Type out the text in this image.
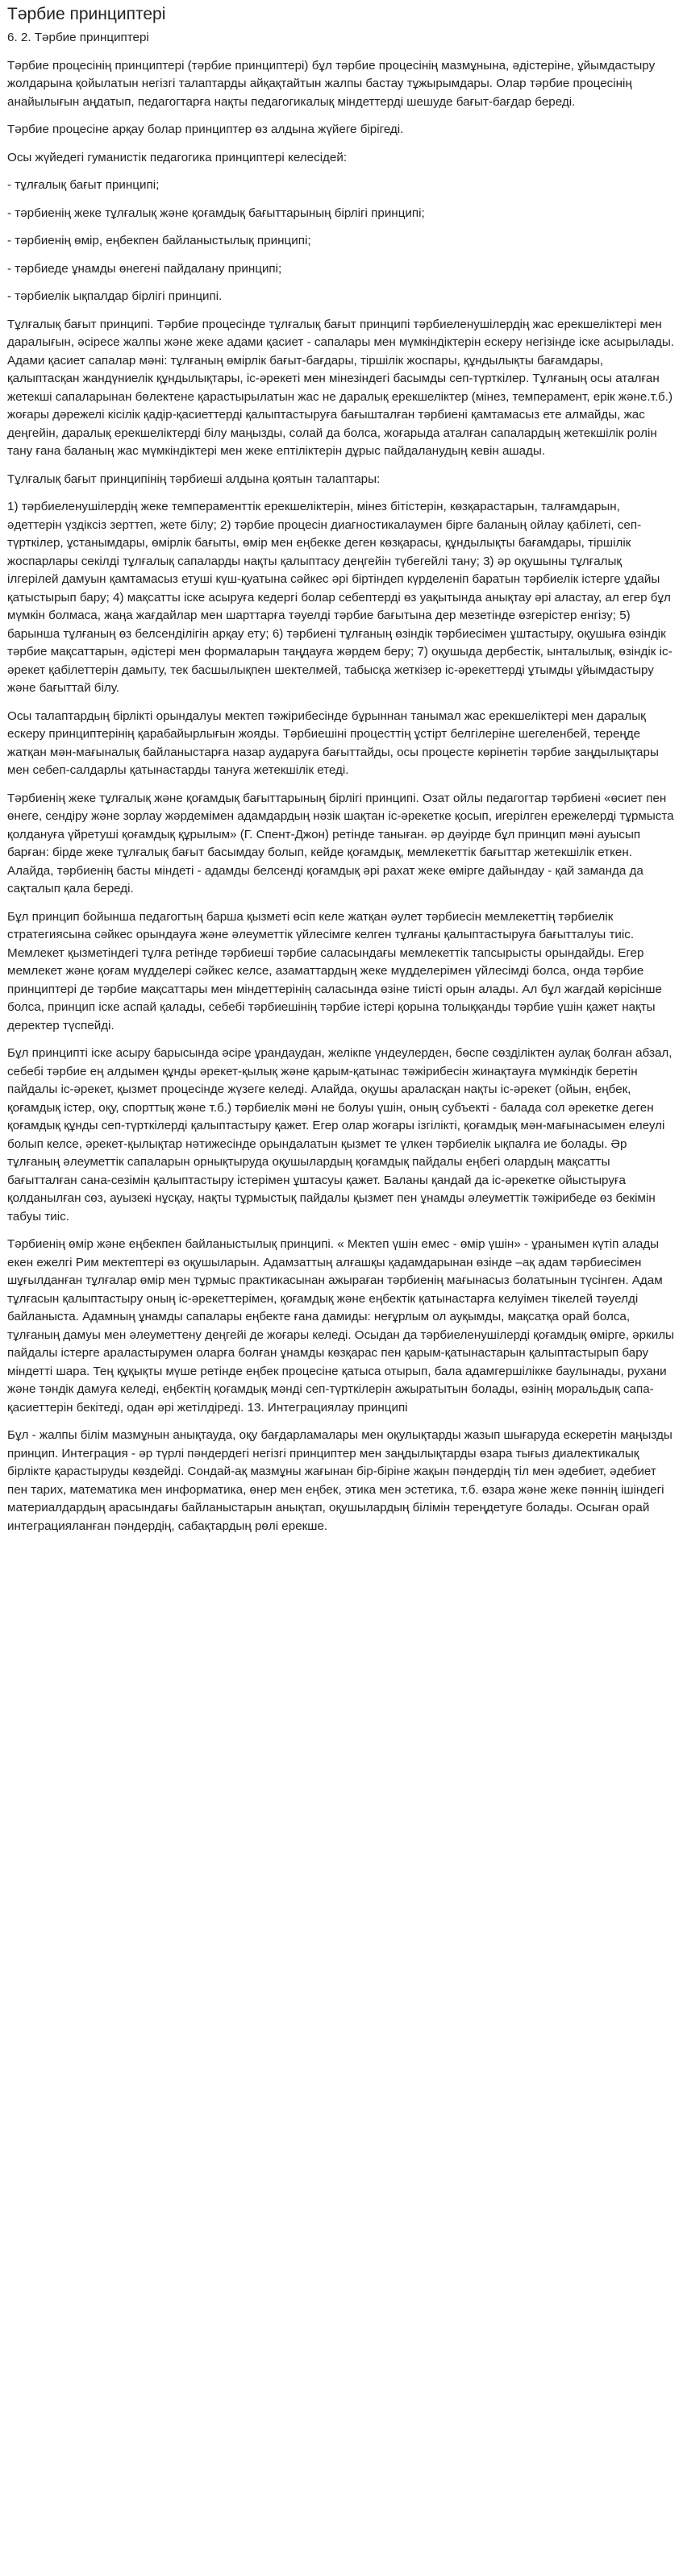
Тәрбие принциптері
6. 2. Тәрбие принциптері

Тәрбие процесінің принциптері (тәрбие принциптері) бұл тәрбие процесінің мазмұнына, әдістеріне, ұйымдастыру жолдарына қойылатын негізгі талаптарды айқақтайтын жалпы бастау тұжырымдары. Олар тәрбие процесінің анайылығын аңдатып, педагогтарға нақты педагогикалық міндеттерді шешуде бағыт-бағдар береді.

Тәрбие процесіне арқау болар принциптер өз алдына жүйеге бірігеді.

Осы жүйедегі гуманистік педагогика принциптері келесідей:

- тұлғалық бағыт принципі;

- тәрбиенің жеке тұлғалық және қоғамдық бағыттарының бірлігі принципі;

- тәрбиенің өмір, еңбекпен байланыстылық принципі;

- тәрбиеде ұнамды өнегені пайдалану принципі;

- тәрбиелік ықпалдар бірлігі принципі.

Тұлғалық бағыт принципі. Тәрбие процесінде тұлғалық бағыт принципі тәрбиеленушілердің жас ерекшеліктері мен даралығын, әсіресе жалпы және жеке адами қасиет - сапалары мен мүмкіндіктерін ескеру негізінде іске асырылады. Адами қасиет сапалар мәні: тұлғаның өмірлік бағыт-бағдары, тіршілік жоспары, құндылықты бағамдары, қалыптасқан жандүниелік құндылықтары, іс-әрекеті мен мінезіндегі басымды сеп-түрткілер. Тұлғаның осы аталған жетекші сапаларынан бөлектене қарастырылатын жас не даралық ерекшеліктер (мінез, темперамент, ерік және.т.б.) жоғары дәрежелі кісілік қадір-қасиеттерді қалыптастыруға бағышталған тәрбиені қамтамасыз ете алмайды, жас деңгейін, даралық ерекшеліктерді білу маңызды, солай да болса, жоғарыда аталған сапалардың жетекшілік ролін тану ғана баланың жас мүмкіндіктері мен жеке ептіліктерін дұрыс пайдаланудың кевін ашады.

Тұлғалық бағыт принципінің тәрбиеші алдына қоятын талаптары:

1) тәрбиеленушілердің жеке темпераменттік ерекшеліктерін, мінез бітістерін, көзқарастарын, талғамдарын, әдеттерін үздіксіз зерттеп, жете білу; 2) тәрбие процесін диагностикалаумен бірге баланың ойлау қабілеті, сеп-түрткілер, ұстанымдары, өмірлік бағыты, өмір мен еңбекке деген көзқарасы, құндылықты бағамдары, тіршілік жоспарлары секілді тұлғалық сапаларды нақты қалыптасу деңгейін түбегейлі тану; 3) әр оқушыны тұлғалық ілгерілей дамуын қамтамасыз етуші күш-қуатына сәйкес әрі біртіндеп күрделеніп баратын тәрбиелік істерге ұдайы қатыстырып бару; 4) мақсатты іске асыруға кедергі болар себептерді өз уақытында анықтау әрі аластау, ал егер бұл мүмкін болмаса, жаңа жағдайлар мен шарттарға тәуелді тәрбие бағытына дер мезетінде өзгерістер енгізу; 5) барынша тұлғаның өз белсенділігін арқау ету; 6) тәрбиені тұлғаның өзіндік тәрбиесімен ұштастыру, оқушыға өзіндік тәрбие мақсаттарын, әдістері мен формаларын таңдауға жәрдем беру; 7) оқушыда дербестік, ынталылық, өзіндік іс-әрекет қабілеттерін дамыту, тек басшылықпен шектелмей, табысқа жеткізер іс-әрекеттерді ұтымды ұйымдастыру және бағыттай білу.

Осы талаптардың бірлікті орындалуы мектеп тәжірибесінде бұрыннан танымал жас ерекшеліктері мен даралық ескеру принциптерінің қарабайырлығын жояды. Тәрбиешіні процесттің ұстірт белгілеріне шегеленбей, тереңде жатқан мән-мағыналық байланыстарға назар аударуға бағыттайды, осы процесте көрінетін тәрбие заңдылықтары мен себеп-салдарлы қатынастарды тануға жетекшілік етеді.

Тәрбиенің жеке тұлғалық және қоғамдық бағыттарының бірлігі принципі. Озат ойлы педагогтар тәрбиені «өсиет пен өнеге, сендіру және зорлау жәрдемімен адамдардың нәзік шақтан іс-әрекетке қосып, игерілген ережелерді тұрмыста қолдануға үйретуші қоғамдық құрылым» (Г. Спент-Джон) ретінде таныған. әр дәуірде бұл принцип мәні ауысып барған: бірде жеке тұлғалық бағыт басымдау болып, кейде қоғамдық, мемлекеттік бағыттар жетекшілік еткен. Алайда, тәрбиенің басты міндеті - адамды белсенді қоғамдық әрі рахат жеке өмірге дайындау - қай заманда да сақталып қала береді.

Бұл принцип бойынша педагогтың барша қызметі өсіп келе жатқан әулет тәрбиесін мемлекеттің тәрбиелік стратегиясына сәйкес орындауға және әлеуметтік үйлесімге келген тұлғаны қалыптастыруға бағытталуы тиіс. Мемлекет қызметіндегі тұлға ретінде тәрбиеші тәрбие саласындағы мемлекеттік тапсырысты орындайды. Егер мемлекет және қоғам мүдделері сәйкес келсе, азаматтардың жеке мүдделерімен үйлесімді болса, онда тәрбие принциптері де тәрбие мақсаттары мен міндеттерінің саласында өзіне тиісті орын алады. Ал бұл жағдай көрісінше болса, принцип іске аспай қалады, себебі тәрбиешінің тәрбие істері қорына толыққанды тәрбие үшін қажет нақты деректер түспейді.

Бұл принципті іске асыру барысында әсіре ұрандаудан, желікпе үндеулерден, бөспе сөзділіктен аулақ болған абзал, себебі тәрбие ең алдымен құнды әрекет-қылық және қарым-қатынас тәжірибесін жинақтауға мүмкіндік беретін пайдалы іс-әрекет, қызмет процесінде жүзеге келеді. Алайда, оқушы араласқан нақты іс-әрекет (ойын, еңбек, қоғамдық істер, оқу, спорттық және т.б.) тәрбиелік мәні не болуы үшін, оның субъекті - балада сол әрекетке деген қоғамдық құнды сеп-түрткілерді қалыптастыру қажет. Егер олар жоғары ізгілікті, қоғамдық мән-мағынасымен елеулі болып келсе, әрекет-қылықтар нәтижесінде орындалатын қызмет те үлкен тәрбиелік ықпалға ие болады. Әр тұлғаның әлеуметтік сапаларын орнықтыруда оқушылардың қоғамдық пайдалы еңбегі олардың мақсатты бағытталған сана-сезімін қалыптастыру істерімен ұштасуы қажет. Баланы қандай да іс-әрекетке ойыстыруға қолданылған сөз, ауызекі нұсқау, нақты тұрмыстық пайдалы қызмет пен ұнамды әлеуметтік тәжірибеде өз бекімін табуы тиіс.

Тәрбиенің өмір және еңбекпен байланыстылық принципі. « Мектеп үшін емес - өмір үшін» - ұранымен күтіп алады екен ежелгі Рим мектептері өз оқушыларын. Адамзаттың алғашқы қадамдарынан өзінде –ақ адам тәрбиесімен шұғылданған тұлғалар өмір мен тұрмыс практикасынан ажыраған тәрбиенің мағынасыз болатынын түсінген. Адам тұлғасын қалыптастыру оның іс-әрекеттерімен, қоғамдық және еңбектік қатынастарға келуімен тікелей тәуелді байланыста. Адамның ұнамды сапалары еңбекте ғана дамиды: неғұрлым ол ауқымды, мақсатқа орай болса, тұлғаның дамуы мен әлеуметтену деңгейі де жоғары келеді. Осыдан да тәрбиеленушілерді қоғамдық өмірге, әркилы пайдалы істерге араластырумен оларға болған ұнамды көзқарас пен қарым-қатынастарын қалыптастырып бару міндетті шарa. Тең құқықты мүше ретінде еңбек процесіне қатыса отырып, бала адамгершілікке баулынады, рухани және тәндік дамуға келеді, еңбектің қоғамдық мәнді сеп-түрткілерін ажыратытын болады, өзінің моральдық сапа-қасиеттерін бекітеді, одан әрі жетілдіреді. 13. Интеграциялау принципі

Бұл - жалпы білім мазмұнын анықтауда, оқу бағдарламалары мен оқулықтарды жазып шығаруда ескеретін маңызды принцип. Интеграция - әр түрлі пәндердегі негізгі принциптер мен заңдылықтарды өзара тығыз диалектикалық бірлікте қарастыруды көздейді. Сондай-ақ мазмұны жағынан бір-біріне жақын пәндердің тіл мен әдебиет, әдебиет пен тарих, математика мен информатика, өнер мен еңбек, этика мен эстетика, т.б. өзара және жеке пәннің ішіндегі материалдардың арасындағы байланыстарын анықтап, оқушылардың білімін тереңдетуге болады. Осыған орай интеграцияланған пәндердің, сабақтардың рөлі ерекше.
